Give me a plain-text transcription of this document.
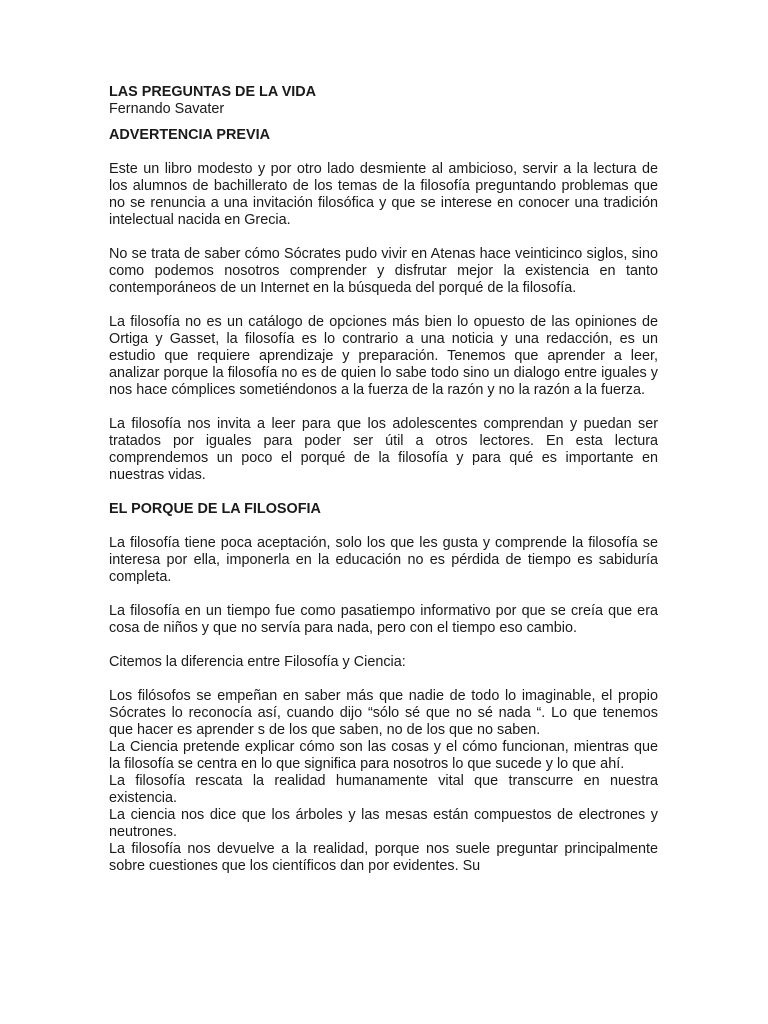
LAS PREGUNTAS DE LA VIDA

Fernando Savater

ADVERTENCIA PREVIA

Este un libro modesto y por otro lado desmiente al ambicioso, servir a la lectura de los alumnos de bachillerato de los temas de la filosofía preguntando problemas que no se renuncia a una invitación filosófica y que se interese en conocer una tradición intelectual nacida en Grecia.

No se trata de saber cómo Sócrates pudo vivir en Atenas hace veinticinco siglos, sino como podemos nosotros comprender y disfrutar mejor la existencia en tanto contemporáneos de un Internet en la búsqueda del porqué de la filosofía.

La filosofía no es un catálogo de opciones más bien lo opuesto de las opiniones de Ortiga y Gasset, la filosofía es lo contrario a una noticia y una redacción, es un estudio que requiere aprendizaje y preparación. Tenemos que aprender a leer, analizar porque la filosofía no es de quien lo sabe todo sino un dialogo entre iguales y nos hace cómplices sometiéndonos a la fuerza de la razón y no la razón a la fuerza.

La filosofía nos invita a leer para que los adolescentes comprendan y puedan ser tratados por iguales para poder ser útil a otros lectores. En esta lectura comprendemos un poco el porqué de la filosofía y para qué es importante en nuestras vidas.

EL PORQUE DE LA FILOSOFIA

La filosofía tiene poca aceptación, solo los que les gusta y comprende la filosofía se interesa por ella, imponerla en la educación no es pérdida de tiempo es sabiduría completa.

La filosofía en un tiempo fue como pasatiempo informativo por que se creía que era cosa de niños y que no servía para nada, pero con el tiempo eso cambio.

Citemos la diferencia entre Filosofía y Ciencia:

Los filósofos se empeñan en saber más que nadie de todo lo imaginable, el propio Sócrates lo reconocía así, cuando dijo “sólo sé que no sé nada “. Lo que tenemos que hacer es aprender s de los que saben, no de los que no saben.

La Ciencia pretende explicar cómo son las cosas y el cómo funcionan, mientras que la filosofía se centra en lo que significa para nosotros lo que sucede y lo que ahí.

La filosofía rescata la realidad humanamente vital que transcurre en nuestra existencia.

La ciencia nos dice que los árboles y las mesas están compuestos de electrones y neutrones.

La filosofía nos devuelve a la realidad, porque nos suele preguntar principalmente sobre cuestiones que los científicos dan por evidentes. Su
